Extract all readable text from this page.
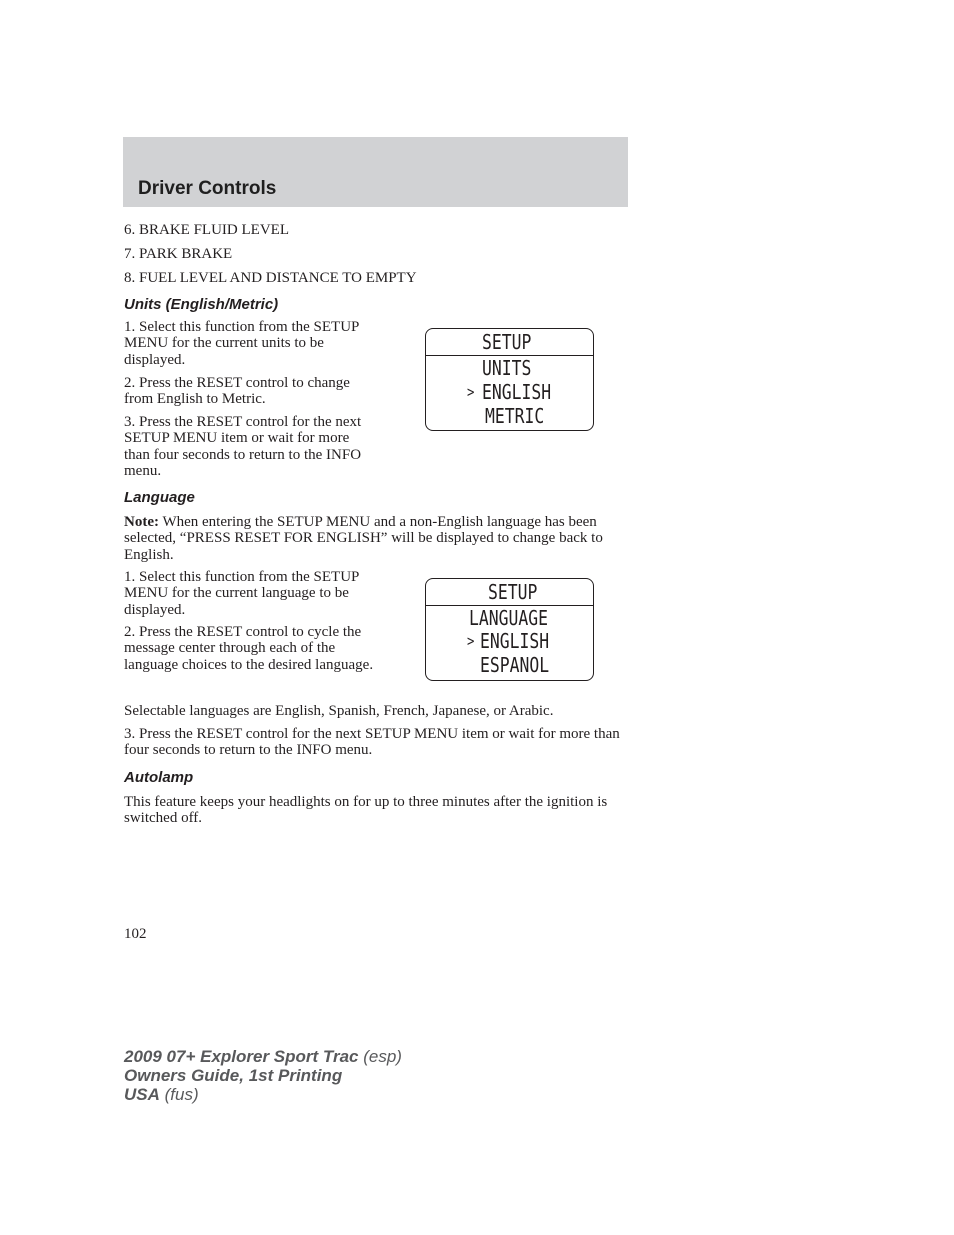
Driver Controls
6. BRAKE FLUID LEVEL
7. PARK BRAKE
8. FUEL LEVEL AND DISTANCE TO EMPTY
Units (English/Metric)

1. Select this function from the SETUP MENU for the current units to be displayed.

2. Press the RESET control to change from English to Metric.

3. Press the RESET control for the next SETUP MENU item or wait for more than four seconds to return to the INFO menu.

SETUP
UNITS
> ENGLISH
METRIC
Language

Note: When entering the SETUP MENU and a non-English language has been selected, “PRESS RESET FOR ENGLISH” will be displayed to change back to English.

1. Select this function from the SETUP MENU for the current language to be displayed.

2. Press the RESET control to cycle the message center through each of the language choices to the desired language.

SETUP
LANGUAGE
> ENGLISH
ESPANOL

Selectable languages are English, Spanish, French, Japanese, or Arabic.

3. Press the RESET control for the next SETUP MENU item or wait for more than four seconds to return to the INFO menu.

Autolamp

This feature keeps your headlights on for up to three minutes after the ignition is switched off.

102

2009 07+ Explorer Sport Trac (esp)
Owners Guide, 1st Printing
USA (fus)
